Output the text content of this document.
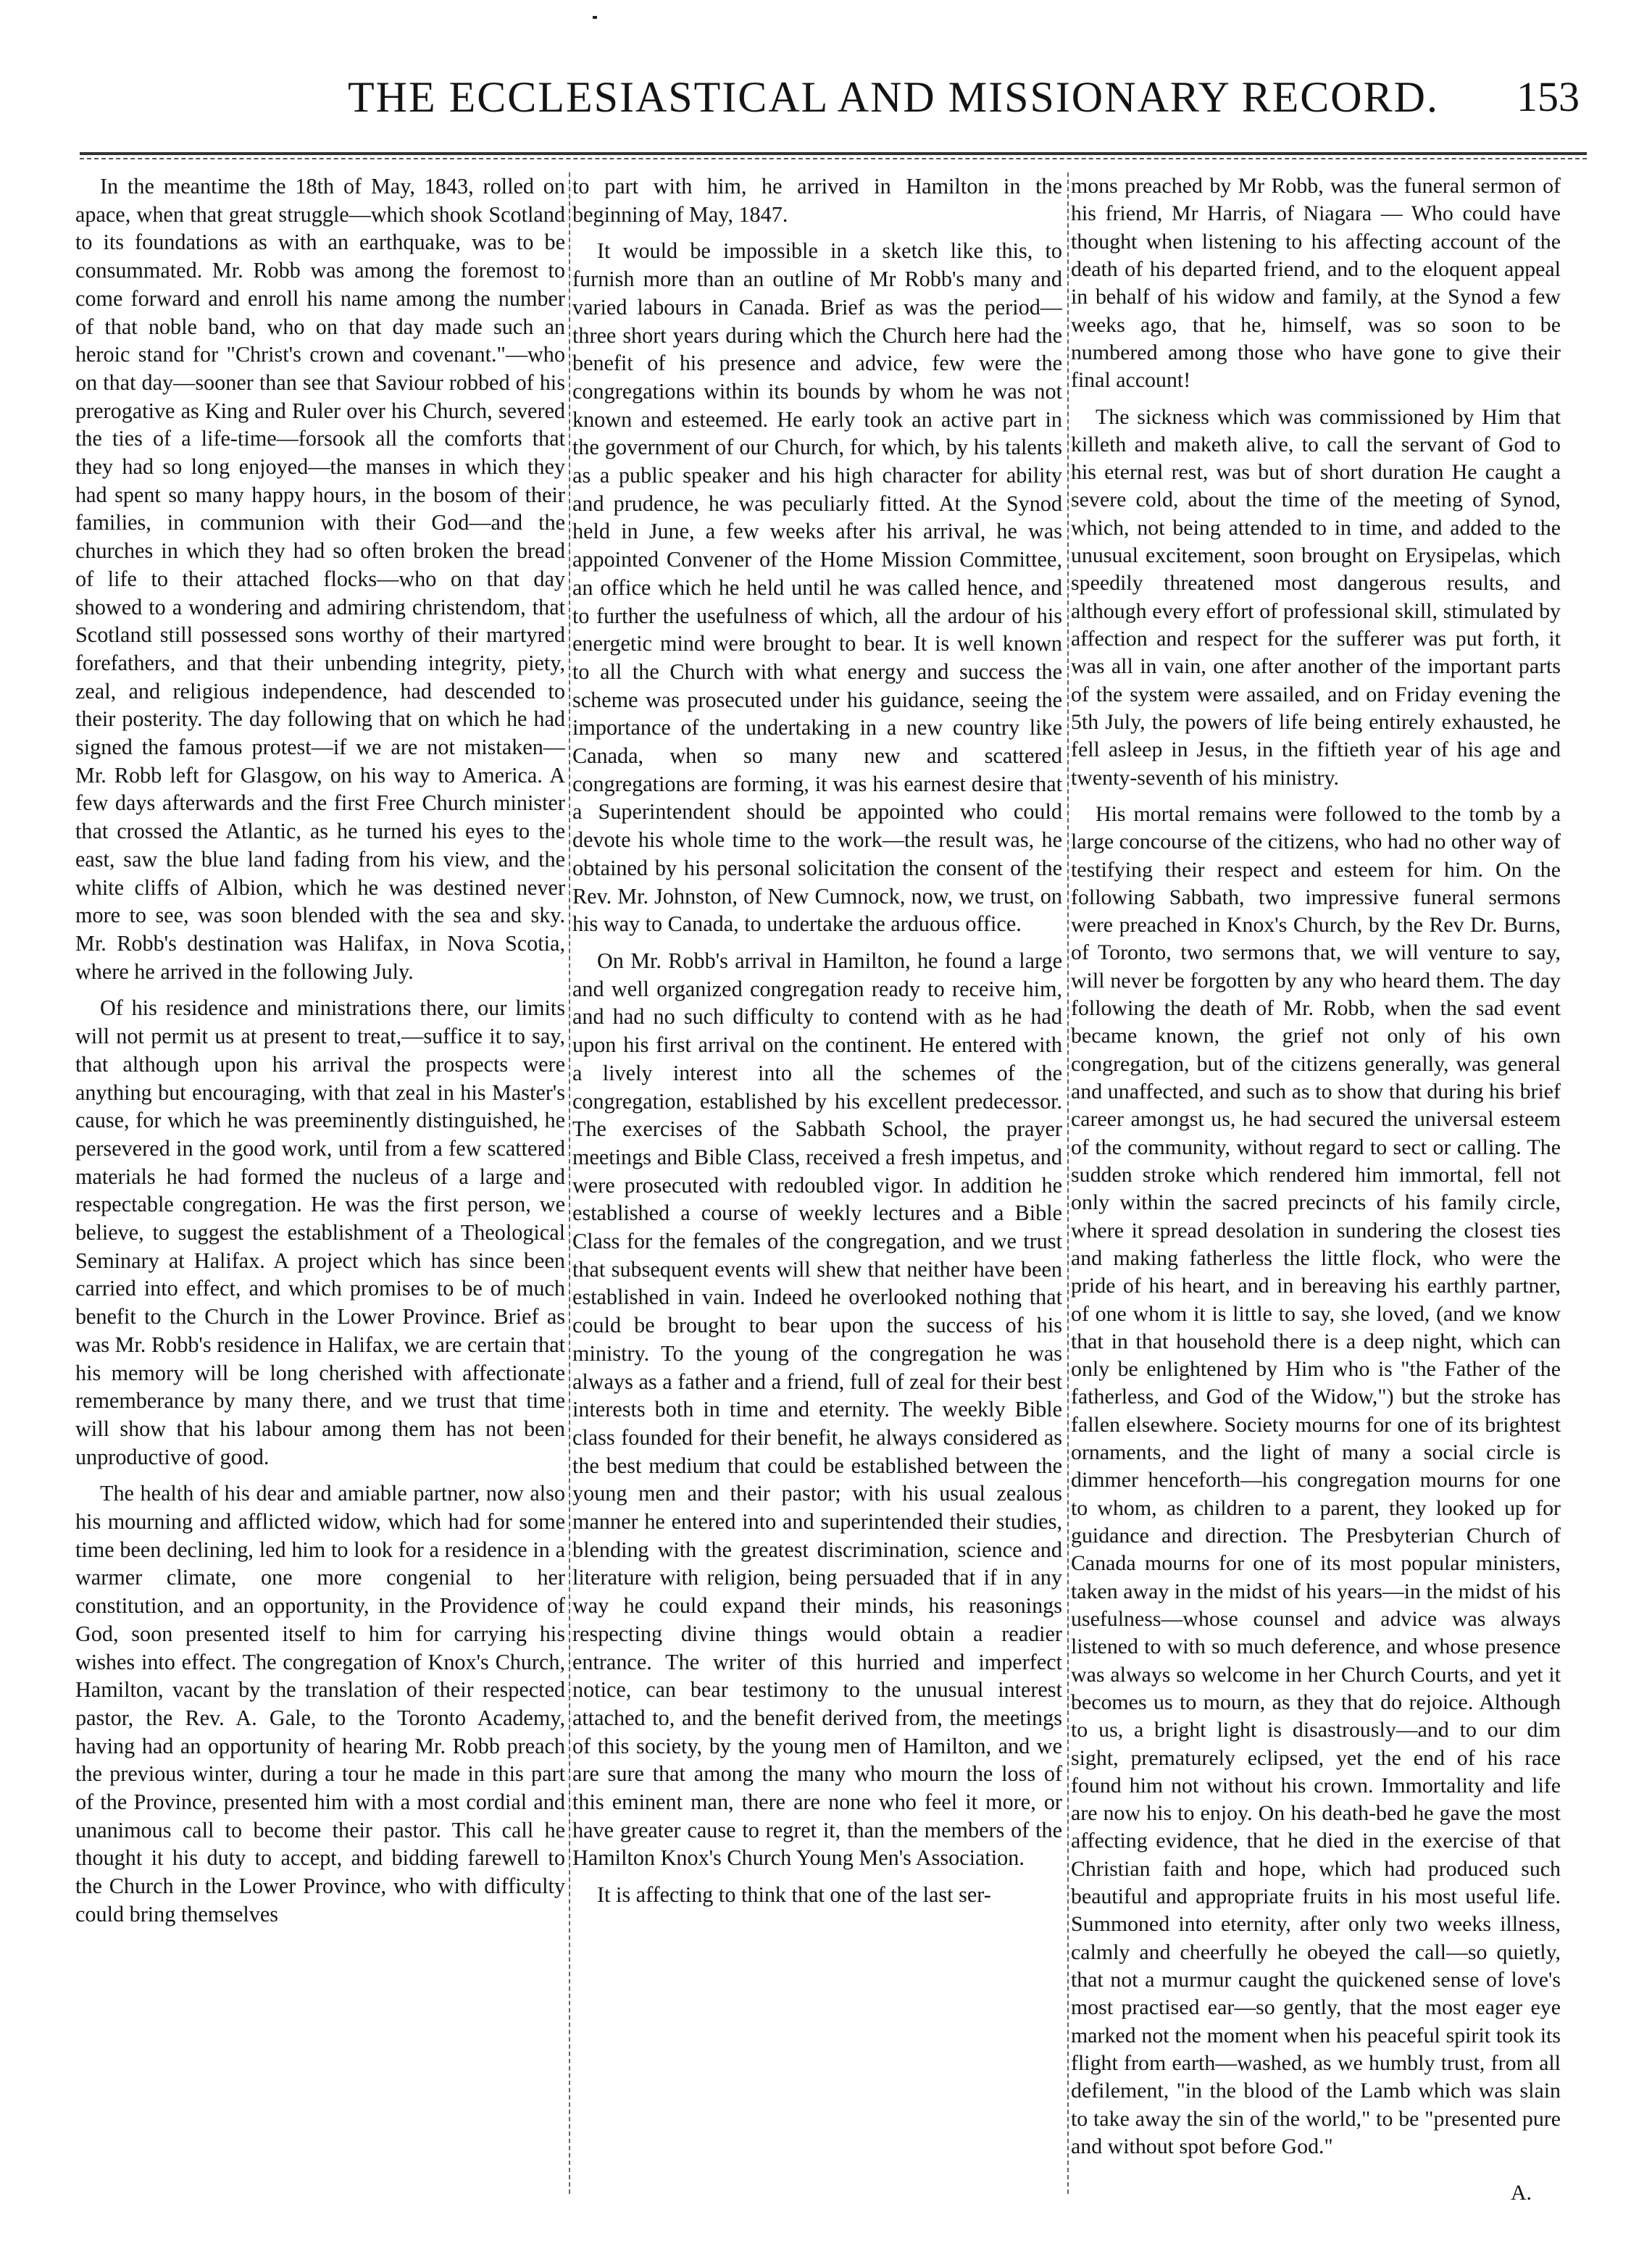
THE ECCLESIASTICAL AND MISSIONARY RECORD. 153

In the meantime the 18th of May, 1843, rolled on apace, when that great struggle—which shook Scotland to its foundations as with an earthquake, was to be consummated. Mr. Robb was among the foremost to come forward and enroll his name among the number of that noble band, who on that day made such an heroic stand for "Christ's crown and covenant."—who on that day—sooner than see that Saviour robbed of his prerogative as King and Ruler over his Church, severed the ties of a life-time—forsook all the comforts that they had so long enjoyed—the manses in which they had spent so many happy hours, in the bosom of their families, in communion with their God—and the churches in which they had so often broken the bread of life to their attached flocks—who on that day showed to a wondering and admiring christendom, that Scotland still possessed sons worthy of their martyred forefathers, and that their unbending integrity, piety, zeal, and religious independence, had descended to their posterity. The day following that on which he had signed the famous protest—if we are not mistaken—Mr. Robb left for Glasgow, on his way to America. A few days afterwards and the first Free Church minister that crossed the Atlantic, as he turned his eyes to the east, saw the blue land fading from his view, and the white cliffs of Albion, which he was destined never more to see, was soon blended with the sea and sky. Mr. Robb's destination was Halifax, in Nova Scotia, where he arrived in the following July.

Of his residence and ministrations there, our limits will not permit us at present to treat,—suffice it to say, that although upon his arrival the prospects were anything but encouraging, with that zeal in his Master's cause, for which he was preeminently distinguished, he persevered in the good work, until from a few scattered materials he had formed the nucleus of a large and respectable congregation. He was the first person, we believe, to suggest the establishment of a Theological Seminary at Halifax. A project which has since been carried into effect, and which promises to be of much benefit to the Church in the Lower Province. Brief as was Mr. Robb's residence in Halifax, we are certain that his memory will be long cherished with affectionate rememberance by many there, and we trust that time will show that his labour among them has not been unproductive of good.

The health of his dear and amiable partner, now also his mourning and afflicted widow, which had for some time been declining, led him to look for a residence in a warmer climate, one more congenial to her constitution, and an opportunity, in the Providence of God, soon presented itself to him for carrying his wishes into effect. The congregation of Knox's Church, Hamilton, vacant by the translation of their respected pastor, the Rev. A. Gale, to the Toronto Academy, having had an opportunity of hearing Mr. Robb preach the previous winter, during a tour he made in this part of the Province, presented him with a most cordial and unanimous call to become their pastor. This call he thought it his duty to accept, and bidding farewell to the Church in the Lower Province, who with difficulty could bring themselves

to part with him, he arrived in Hamilton in the beginning of May, 1847.

It would be impossible in a sketch like this, to furnish more than an outline of Mr Robb's many and varied labours in Canada. Brief as was the period—three short years during which the Church here had the benefit of his presence and advice, few were the congregations within its bounds by whom he was not known and esteemed. He early took an active part in the government of our Church, for which, by his talents as a public speaker and his high character for ability and prudence, he was peculiarly fitted. At the Synod held in June, a few weeks after his arrival, he was appointed Convener of the Home Mission Committee, an office which he held until he was called hence, and to further the usefulness of which, all the ardour of his energetic mind were brought to bear. It is well known to all the Church with what energy and success the scheme was prosecuted under his guidance, seeing the importance of the undertaking in a new country like Canada, when so many new and scattered congregations are forming, it was his earnest desire that a Superintendent should be appointed who could devote his whole time to the work—the result was, he obtained by his personal solicitation the consent of the Rev. Mr. Johnston, of New Cumnock, now, we trust, on his way to Canada, to undertake the arduous office.

On Mr. Robb's arrival in Hamilton, he found a large and well organized congregation ready to receive him, and had no such difficulty to contend with as he had upon his first arrival on the continent. He entered with a lively interest into all the schemes of the congregation, established by his excellent predecessor. The exercises of the Sabbath School, the prayer meetings and Bible Class, received a fresh impetus, and were prosecuted with redoubled vigor. In addition he established a course of weekly lectures and a Bible Class for the females of the congregation, and we trust that subsequent events will shew that neither have been established in vain. Indeed he overlooked nothing that could be brought to bear upon the success of his ministry. To the young of the congregation he was always as a father and a friend, full of zeal for their best interests both in time and eternity. The weekly Bible class founded for their benefit, he always considered as the best medium that could be established between the young men and their pastor; with his usual zealous manner he entered into and superintended their studies, blending with the greatest discrimination, science and literature with religion, being persuaded that if in any way he could expand their minds, his reasonings respecting divine things would obtain a readier entrance. The writer of this hurried and imperfect notice, can bear testimony to the unusual interest attached to, and the benefit derived from, the meetings of this society, by the young men of Hamilton, and we are sure that among the many who mourn the loss of this eminent man, there are none who feel it more, or have greater cause to regret it, than the members of the Hamilton Knox's Church Young Men's Association.

It is affecting to think that one of the last ser-

mons preached by Mr Robb, was the funeral sermon of his friend, Mr Harris, of Niagara — Who could have thought when listening to his affecting account of the death of his departed friend, and to the eloquent appeal in behalf of his widow and family, at the Synod a few weeks ago, that he, himself, was so soon to be numbered among those who have gone to give their final account!

The sickness which was commissioned by Him that killeth and maketh alive, to call the servant of God to his eternal rest, was but of short duration He caught a severe cold, about the time of the meeting of Synod, which, not being attended to in time, and added to the unusual excitement, soon brought on Erysipelas, which speedily threatened most dangerous results, and although every effort of professional skill, stimulated by affection and respect for the sufferer was put forth, it was all in vain, one after another of the important parts of the system were assailed, and on Friday evening the 5th July, the powers of life being entirely exhausted, he fell asleep in Jesus, in the fiftieth year of his age and twenty-seventh of his ministry.

His mortal remains were followed to the tomb by a large concourse of the citizens, who had no other way of testifying their respect and esteem for him. On the following Sabbath, two impressive funeral sermons were preached in Knox's Church, by the Rev Dr. Burns, of Toronto, two sermons that, we will venture to say, will never be forgotten by any who heard them. The day following the death of Mr. Robb, when the sad event became known, the grief not only of his own congregation, but of the citizens generally, was general and unaffected, and such as to show that during his brief career amongst us, he had secured the universal esteem of the community, without regard to sect or calling. The sudden stroke which rendered him immortal, fell not only within the sacred precincts of his family circle, where it spread desolation in sundering the closest ties and making fatherless the little flock, who were the pride of his heart, and in bereaving his earthly partner, of one whom it is little to say, she loved, (and we know that in that household there is a deep night, which can only be enlightened by Him who is "the Father of the fatherless, and God of the Widow,") but the stroke has fallen elsewhere. Society mourns for one of its brightest ornaments, and the light of many a social circle is dimmer henceforth—his congregation mourns for one to whom, as children to a parent, they looked up for guidance and direction. The Presbyterian Church of Canada mourns for one of its most popular ministers, taken away in the midst of his years—in the midst of his usefulness—whose counsel and advice was always listened to with so much deference, and whose presence was always so welcome in her Church Courts, and yet it becomes us to mourn, as they that do rejoice. Although to us, a bright light is disastrously—and to our dim sight, prematurely eclipsed, yet the end of his race found him not without his crown. Immortality and life are now his to enjoy. On his death-bed he gave the most affecting evidence, that he died in the exercise of that Christian faith and hope, which had produced such beautiful and appropriate fruits in his most useful life. Summoned into eternity, after only two weeks illness, calmly and cheerfully he obeyed the call—so quietly, that not a murmur caught the quickened sense of love's most practised ear—so gently, that the most eager eye marked not the moment when his peaceful spirit took its flight from earth—washed, as we humbly trust, from all defilement, "in the blood of the Lamb which was slain to take away the sin of the world," to be "presented pure and without spot before God."

A.
